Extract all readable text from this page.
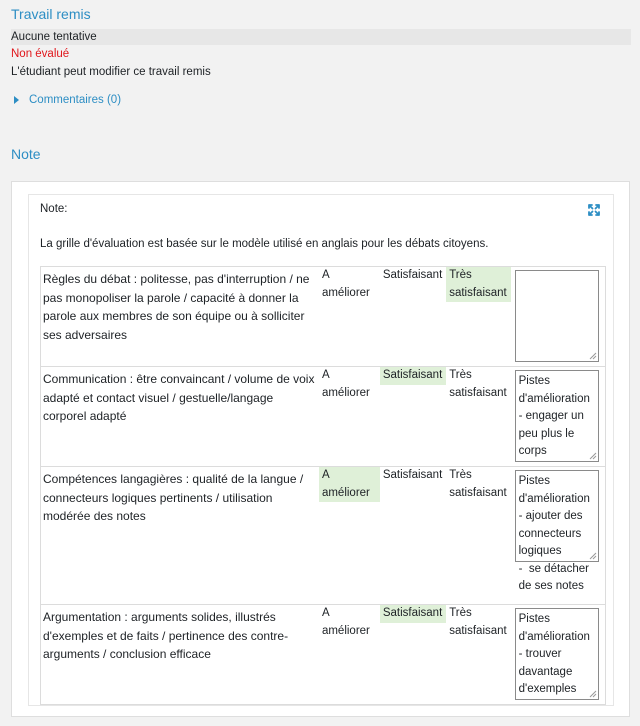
Travail remis
Aucune tentative
Non évalué
L'étudiant peut modifier ce travail remis
Commentaires (0)
Note
Note:
La grille d'évaluation est basée sur le modèle utilisé en anglais pour les débats citoyens.
Règles du débat : politesse, pas d'interruption / ne pas monopoliser la parole / capacité à donner la parole aux membres de son équipe ou à solliciter ses adversaires	A améliorer	Satisfaisant	Très satisfaisant

Communication : être convaincant / volume de voix adapté et contact visuel / gestuelle/langage corporel adapté	A améliorer	Satisfaisant	Très satisfaisant	Pistes d'amélioration - engager un peu plus le corps

Compétences langagières : qualité de la langue / connecteurs logiques pertinents / utilisation modérée des notes	A améliorer	Satisfaisant	Très satisfaisant	Pistes d'amélioration - ajouter des connecteurs logiques
-  se détacher de ses notes

Argumentation : arguments solides, illustrés d'exemples et de faits / pertinence des contre-arguments / conclusion efficace	A améliorer	Satisfaisant	Très satisfaisant	Pistes d'amélioration - trouver davantage d'exemples
